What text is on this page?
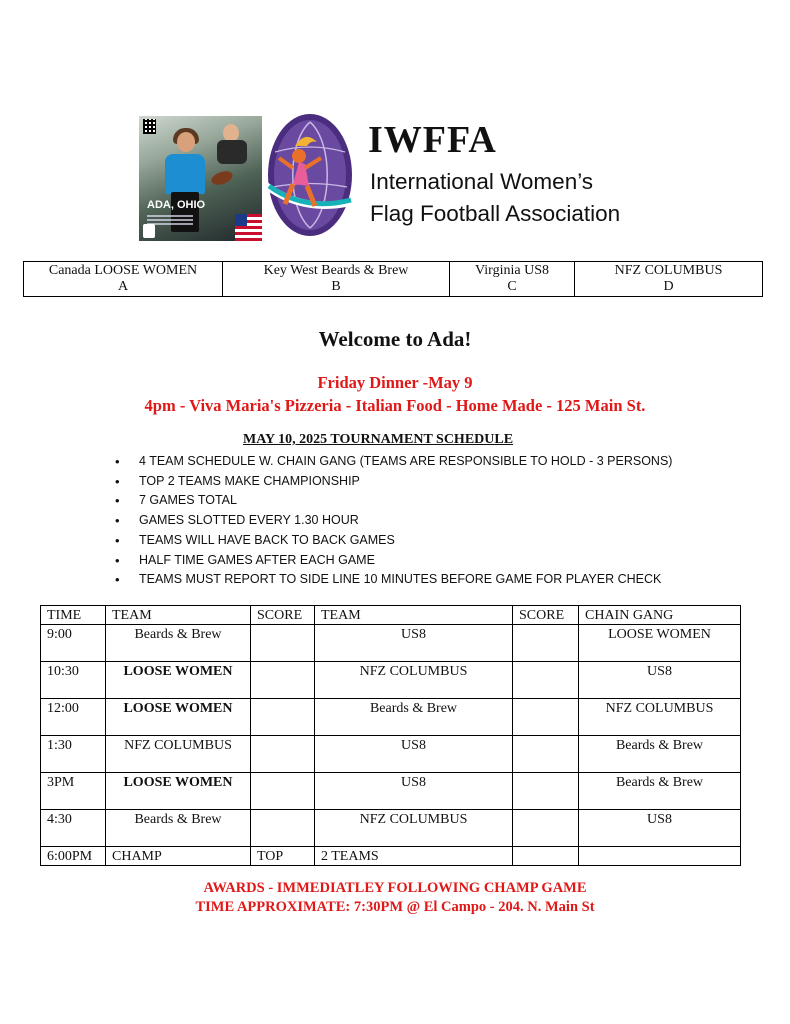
ADA, OHIO
IWFFA
International Women’s
Flag Football Association
Canada LOOSE WOMEN
A

Key West Beards & Brew
B

Virginia US8
C

NFZ COLUMBUS
D
Welcome to Ada!
Friday Dinner -May 9
4pm - Viva Maria's Pizzeria - Italian Food - Home Made - 125 Main St.
MAY 10, 2025 TOURNAMENT SCHEDULE
• 4 TEAM SCHEDULE W. CHAIN GANG (TEAMS ARE RESPONSIBLE TO HOLD - 3 PERSONS)
• TOP 2 TEAMS MAKE CHAMPIONSHIP
• 7 GAMES TOTAL
• GAMES SLOTTED EVERY 1.30 HOUR
• TEAMS WILL HAVE BACK TO BACK GAMES
• HALF TIME GAMES AFTER EACH GAME
• TEAMS MUST REPORT TO SIDE LINE 10 MINUTES BEFORE GAME FOR PLAYER CHECK
TIME	TEAM	SCORE	TEAM	SCORE	CHAIN GANG
9:00	Beards & Brew		US8		LOOSE WOMEN
10:30	LOOSE WOMEN		NFZ COLUMBUS		US8
12:00	LOOSE WOMEN		Beards & Brew		NFZ COLUMBUS
1:30	NFZ COLUMBUS		US8		Beards & Brew
3PM	LOOSE WOMEN		US8		Beards & Brew
4:30	Beards & Brew		NFZ COLUMBUS		US8
6:00PM	CHAMP	TOP	2 TEAMS		
AWARDS - IMMEDIATLEY FOLLOWING CHAMP GAME
TIME APPROXIMATE: 7:30PM @ El Campo - 204. N. Main St
